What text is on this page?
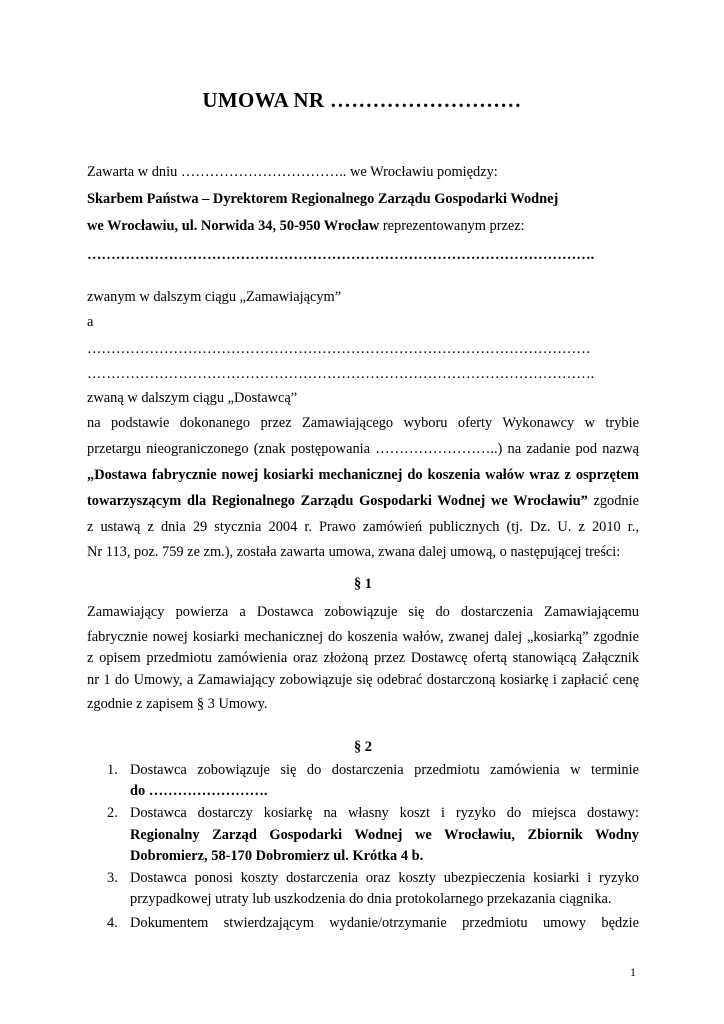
UMOWA NR ………………………
Zawarta w dniu …………………………….. we Wrocławiu pomiędzy:
Skarbem Państwa – Dyrektorem Regionalnego Zarządu Gospodarki Wodnej
we Wrocławiu, ul. Norwida 34, 50-950 Wrocław reprezentowanym przez:
…………………………………………………………………………………………….
zwanym w dalszym ciągu „Zamawiającym”
a
……………………………………………………………………………………………
…………………………………………………………………………………………….
zwaną w dalszym ciągu „Dostawcą”
na podstawie dokonanego przez Zamawiającego wyboru oferty Wykonawcy w trybie
przetargu nieograniczonego (znak postępowania ……………………..) na zadanie pod nazwą
„Dostawa fabrycznie nowej kosiarki mechanicznej do koszenia wałów wraz z osprzętem
towarzyszącym dla Regionalnego Zarządu Gospodarki Wodnej we Wrocławiu” zgodnie
z ustawą z dnia 29 stycznia 2004 r. Prawo zamówień publicznych (tj. Dz. U. z 2010 r.,
Nr 113, poz. 759 ze zm.), została zawarta umowa, zwana dalej umową, o następującej treści:
§ 1
Zamawiający powierza a Dostawca zobowiązuje się do dostarczenia Zamawiającemu
fabrycznie nowej kosiarki mechanicznej do koszenia wałów, zwanej dalej „kosiarką” zgodnie
z opisem przedmiotu zamówienia oraz złożoną przez Dostawcę ofertą stanowiącą Załącznik
nr 1 do Umowy, a Zamawiający zobowiązuje się odebrać dostarczoną kosiarkę i zapłacić cenę
zgodnie z zapisem § 3 Umowy.
§ 2
1. Dostawca zobowiązuje się do dostarczenia przedmiotu zamówienia w terminie
do …………………….
2. Dostawca dostarczy kosiarkę na własny koszt i ryzyko do miejsca dostawy:
Regionalny Zarząd Gospodarki Wodnej we Wrocławiu, Zbiornik Wodny
Dobromierz, 58-170 Dobromierz ul. Krótka 4 b.
3. Dostawca ponosi koszty dostarczenia oraz koszty ubezpieczenia kosiarki i ryzyko
przypadkowej utraty lub uszkodzenia do dnia protokolarnego przekazania ciągnika.
4. Dokumentem stwierdzającym wydanie/otrzymanie przedmiotu umowy będzie
1
